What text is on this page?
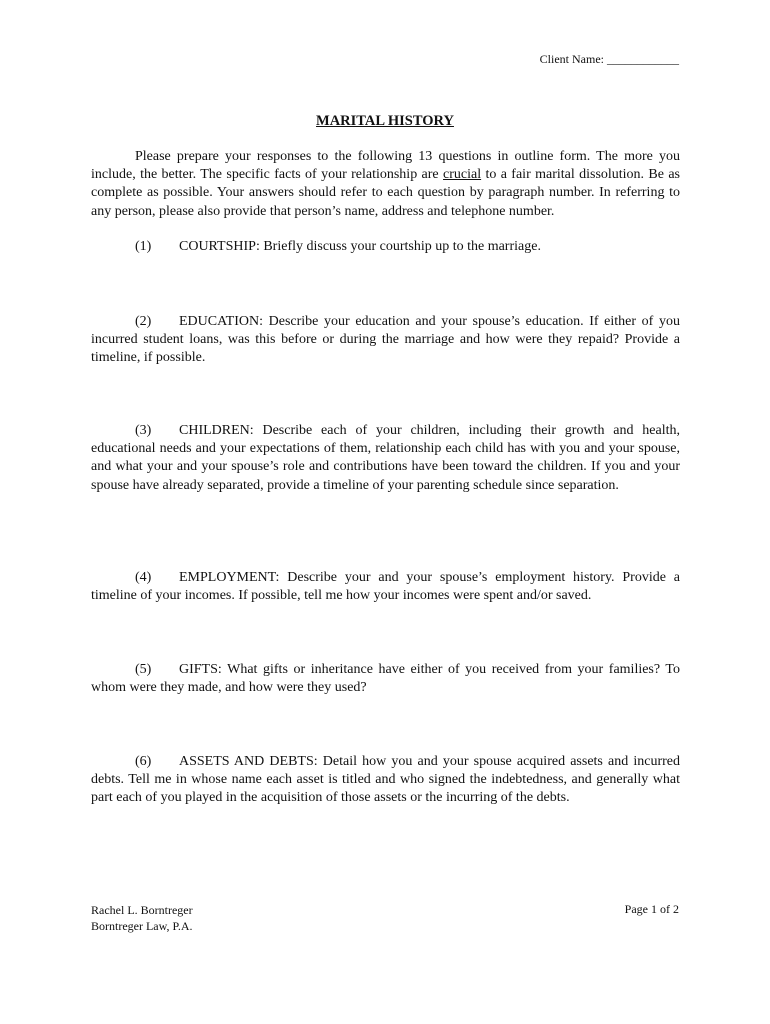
Client Name: ____________
MARITAL HISTORY

Please prepare your responses to the following 13 questions in outline form. The more you include, the better. The specific facts of your relationship are crucial to a fair marital dissolution. Be as complete as possible. Your answers should refer to each question by paragraph number. In referring to any person, please also provide that person’s name, address and telephone number.

(1) COURTSHIP: Briefly discuss your courtship up to the marriage.

(2) EDUCATION: Describe your education and your spouse’s education. If either of you incurred student loans, was this before or during the marriage and how were they repaid? Provide a timeline, if possible.

(3) CHILDREN: Describe each of your children, including their growth and health, educational needs and your expectations of them, relationship each child has with you and your spouse, and what your and your spouse’s role and contributions have been toward the children. If you and your spouse have already separated, provide a timeline of your parenting schedule since separation.

(4) EMPLOYMENT: Describe your and your spouse’s employment history. Provide a timeline of your incomes. If possible, tell me how your incomes were spent and/or saved.

(5) GIFTS: What gifts or inheritance have either of you received from your families? To whom were they made, and how were they used?

(6) ASSETS AND DEBTS: Detail how you and your spouse acquired assets and incurred debts. Tell me in whose name each asset is titled and who signed the indebtedness, and generally what part each of you played in the acquisition of those assets or the incurring of the debts.

Rachel L. Borntreger
Borntreger Law, P.A.
Page 1 of 2
